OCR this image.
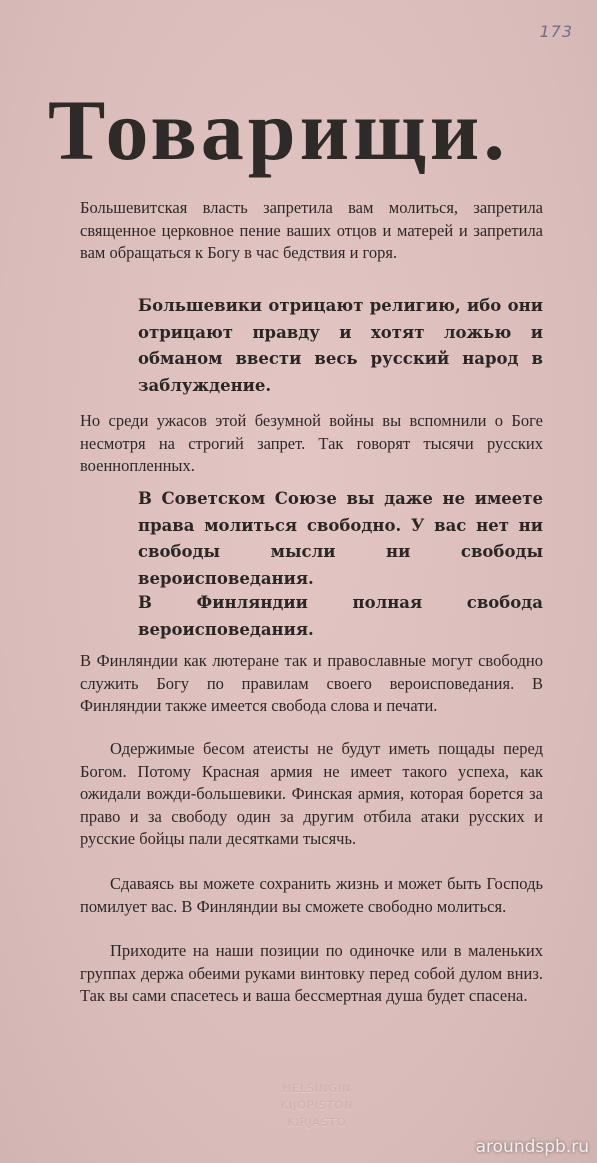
173
Товарищи.

Большевитская власть запретила вам молиться, запретила священное церковное пение ваших отцов и матерей и запретила вам обращаться к Богу в час бедствия и горя.

Большевики отрицают религию, ибо они отрицают правду и хотят ложью и обманом ввести весь русский народ в заблуждение.

Но среди ужасов этой безумной войны вы вспомнили о Боге несмотря на строгий запрет. Так говорят тысячи русских военнопленных.

В Советском Союзе вы даже не имеете права молиться свободно. У вас нет ни свободы мысли ни свободы вероисповедания.

В Финляндии полная свобода вероисповедания.

В Финляндии как лютеране так и православные могут свободно служить Богу по правилам своего вероисповедания. В Финляндии также имеется свобода слова и печати.

Одержимые бесом атеисты не будут иметь пощады перед Богом. Потому Красная армия не имеет такого успеха, как ожидали вожди-большевики. Финская армия, которая борется за право и за свободу один за другим отбила атаки русских и русские бойцы пали десятками тысячь.

Сдаваясь вы можете сохранить жизнь и может быть Господь помилует вас. В Финляндии вы сможете свободно молиться.

Приходите на наши позиции по одиночке или в маленьких группах держа обеими руками винтовку перед собой дулом вниз. Так вы сами спасетесь и ваша бессмертная душа будет спасена.

HELSINGIN
KIJOPISTON
KIRJASTO
aroundspb.ru
